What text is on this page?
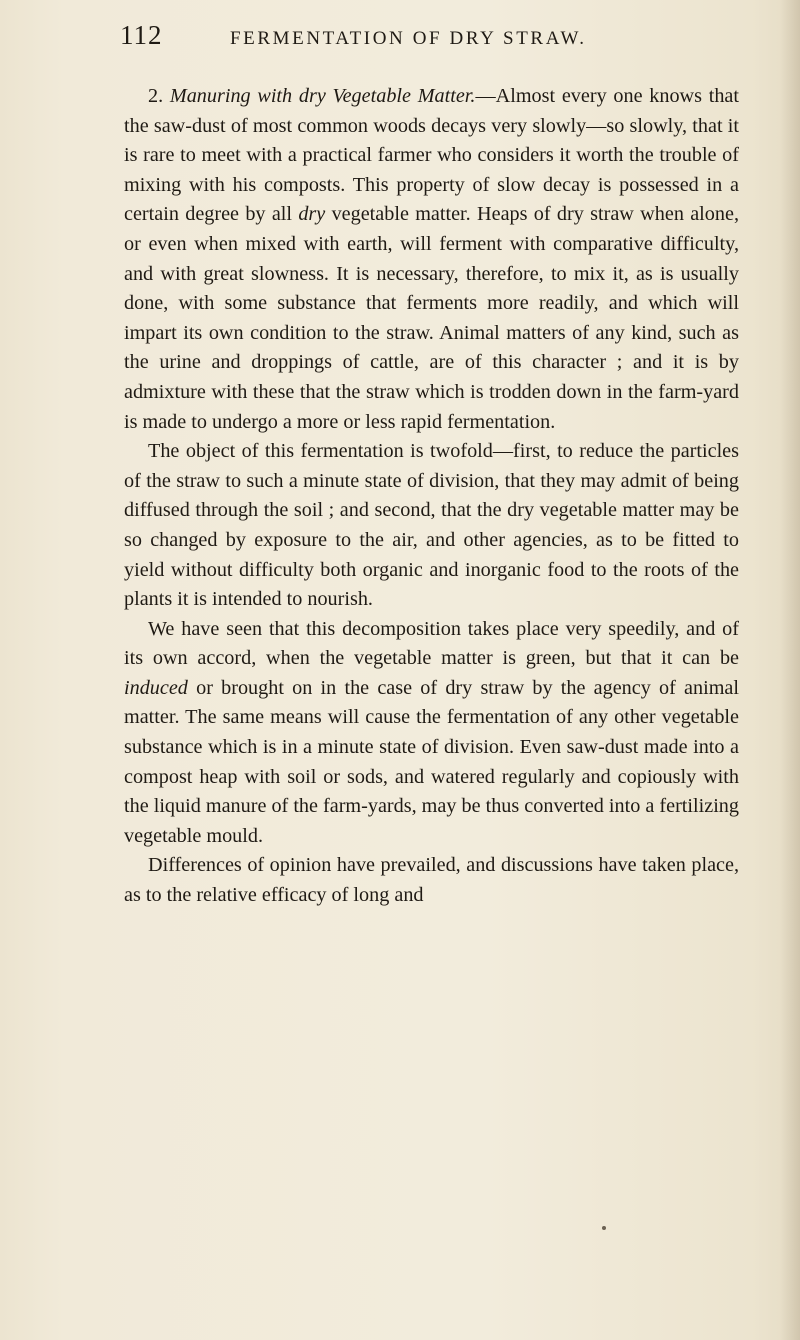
112	FERMENTATION OF DRY STRAW.

2. Manuring with dry Vegetable Matter.—Almost every one knows that the saw-dust of most common woods decays very slowly—so slowly, that it is rare to meet with a practical farmer who considers it worth the trouble of mixing with his composts. This property of slow decay is possessed in a certain degree by all dry vegetable matter. Heaps of dry straw when alone, or even when mixed with earth, will ferment with comparative difficulty, and with great slowness. It is necessary, therefore, to mix it, as is usually done, with some substance that ferments more readily, and which will impart its own condition to the straw. Animal matters of any kind, such as the urine and droppings of cattle, are of this character ; and it is by admixture with these that the straw which is trodden down in the farm-yard is made to undergo a more or less rapid fermentation.

The object of this fermentation is twofold—first, to reduce the particles of the straw to such a minute state of division, that they may admit of being diffused through the soil ; and second, that the dry vegetable matter may be so changed by exposure to the air, and other agencies, as to be fitted to yield without difficulty both organic and inorganic food to the roots of the plants it is intended to nourish.

We have seen that this decomposition takes place very speedily, and of its own accord, when the vegetable matter is green, but that it can be induced or brought on in the case of dry straw by the agency of animal matter. The same means will cause the fermentation of any other vegetable substance which is in a minute state of division. Even saw-dust made into a compost heap with soil or sods, and watered regularly and copiously with the liquid manure of the farm-yards, may be thus converted into a fertilizing vegetable mould.

Differences of opinion have prevailed, and discussions have taken place, as to the relative efficacy of long and
